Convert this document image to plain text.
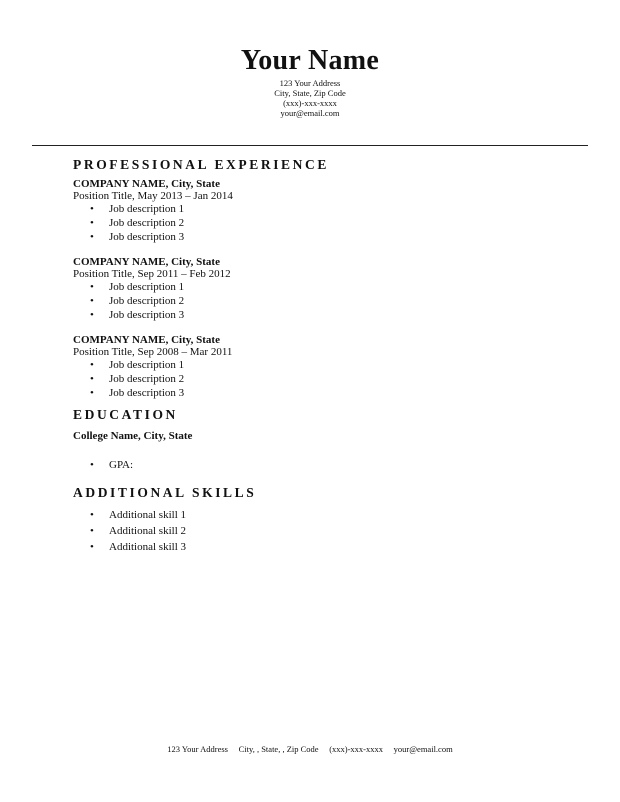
Your Name
123 Your Address
City, State, Zip Code
(xxx)-xxx-xxxx
your@email.com
PROFESSIONAL EXPERIENCE
COMPANY NAME, City, State
Position Title, May 2013 – Jan 2014
• Job description 1
• Job description 2
• Job description 3
COMPANY NAME, City, State
Position Title, Sep 2011 – Feb 2012
• Job description 1
• Job description 2
• Job description 3
COMPANY NAME, City, State
Position Title, Sep 2008 – Mar 2011
• Job description 1
• Job description 2
• Job description 3
EDUCATION
College Name, City, State
• GPA:
ADDITIONAL SKILLS
• Additional skill 1
• Additional skill 2
• Additional skill 3
123 Your Address     City, , State, , Zip Code     (xxx)-xxx-xxxx     your@email.com
